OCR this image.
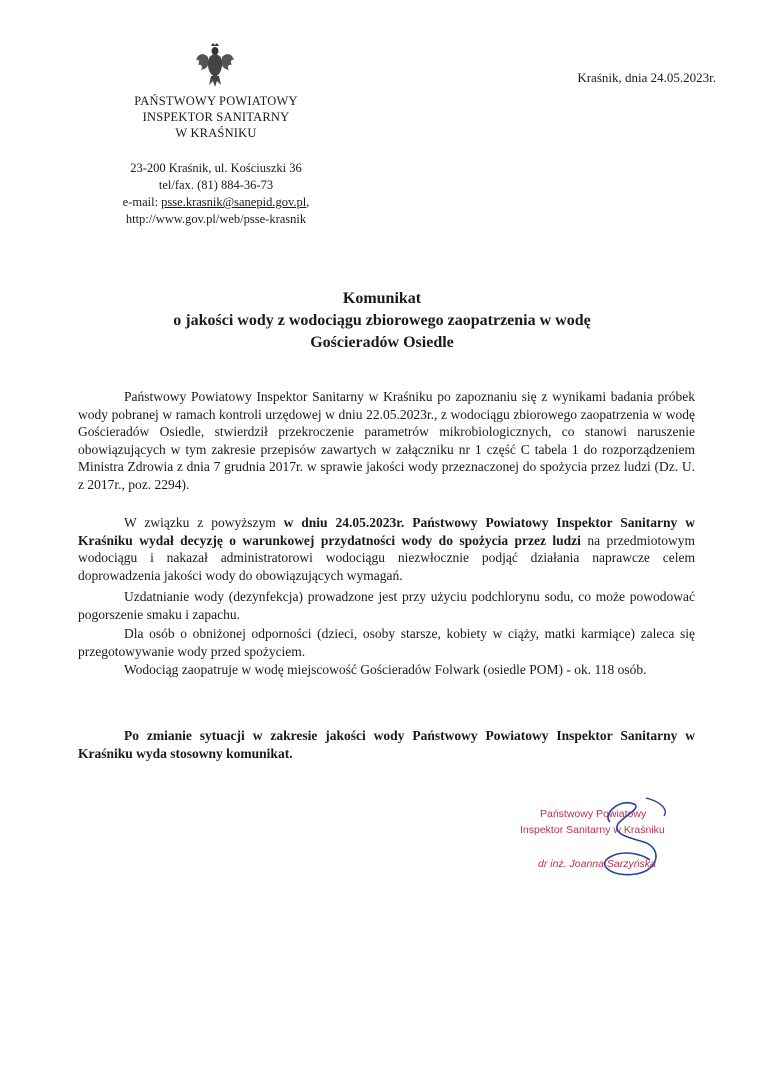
PAŃSTWOWY POWIATOWY
INSPEKTOR SANITARNY
W KRAŚNIKU
23-200 Kraśnik, ul. Kościuszki 36
tel/fax. (81) 884-36-73
e-mail: psse.krasnik@sanepid.gov.pl,
http://www.gov.pl/web/psse-krasnik
Kraśnik, dnia 24.05.2023r.
Komunikat
o jakości wody z wodociągu zbiorowego zaopatrzenia w wodę
Gościeradów Osiedle
Państwowy Powiatowy Inspektor Sanitarny w Kraśniku po zapoznaniu się z wynikami badania próbek wody pobranej w ramach kontroli urzędowej w dniu 22.05.2023r., z wodociągu zbiorowego zaopatrzenia w wodę Gościeradów Osiedle, stwierdził przekroczenie parametrów mikrobiologicznych, co stanowi naruszenie obowiązujących w tym zakresie przepisów zawartych w załączniku nr 1 część C tabela 1 do rozporządzeniem Ministra Zdrowia z dnia 7 grudnia 2017r. w sprawie jakości wody przeznaczonej do spożycia przez ludzi (Dz. U. z 2017r., poz. 2294).
W związku z powyższym w dniu 24.05.2023r. Państwowy Powiatowy Inspektor Sanitarny w Kraśniku wydał decyzję o warunkowej przydatności wody do spożycia przez ludzi na przedmiotowym wodociągu i nakazał administratorowi wodociągu niezwłocznie podjąć działania naprawcze celem doprowadzenia jakości wody do obowiązujących wymagań.
Uzdatnianie wody (dezynfekcja) prowadzone jest przy użyciu podchlorynu sodu, co może powodować pogorszenie smaku i zapachu.
Dla osób o obniżonej odporności (dzieci, osoby starsze, kobiety w ciąży, matki karmiące) zaleca się przegotowywanie wody przed spożyciem.
Wodociąg zaopatruje w wodę miejscowość Gościeradów Folwark (osiedle POM) - ok. 118 osób.
Po zmianie sytuacji w zakresie jakości wody Państwowy Powiatowy Inspektor Sanitarny w Kraśniku wyda stosowny komunikat.
Państwowy Powiatowy
Inspektor Sanitarny w Kraśniku
dr inż. Joanna Sarzyńska
